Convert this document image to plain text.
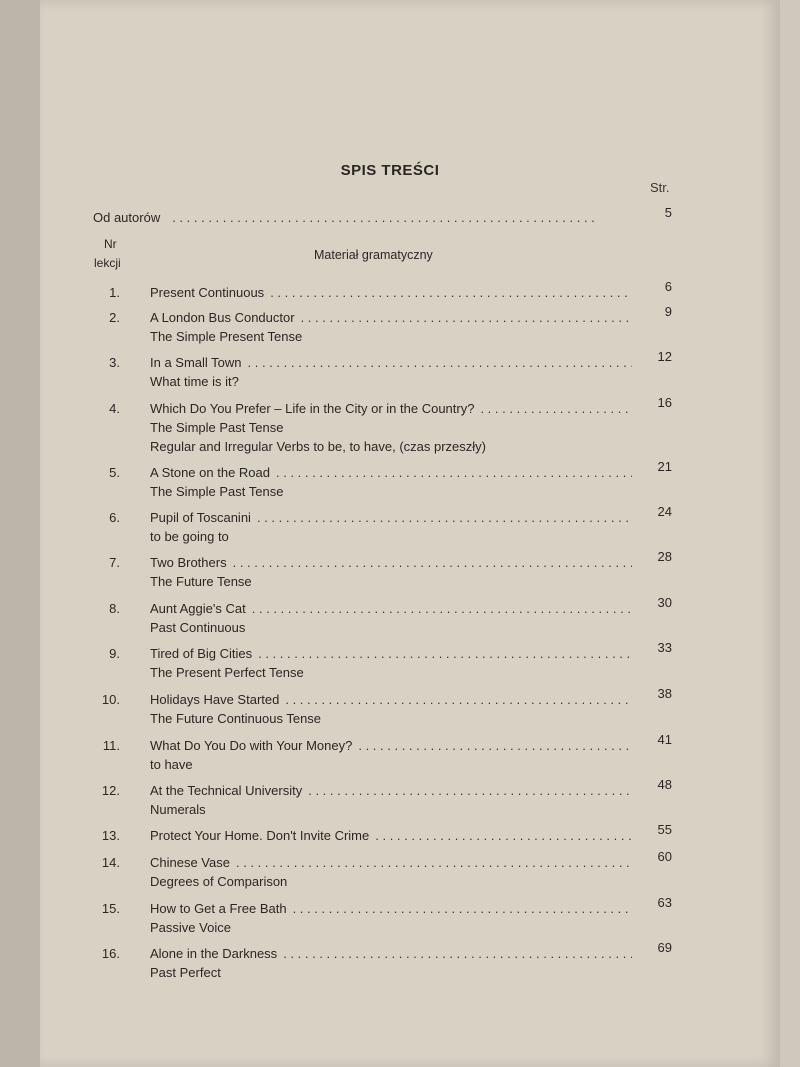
SPIS TREŚCI
Str.
Od autorów . . .	5
Nr
lekcji
Materiał gramatyczny
1. Present Continuous . . .	6
2. A London Bus Conductor . . .	9
The Simple Present Tense
3. In a Small Town . . .	12
What time is it?
4. Which Do You Prefer – Life in the City or in the Country? . . .	16
The Simple Past Tense
Regular and Irregular Verbs to be, to have, (czas przeszły)
5. A Stone on the Road . . .	21
The Simple Past Tense
6. Pupil of Toscanini . . .	24
to be going to
7. Two Brothers . . .	28
The Future Tense
8. Aunt Aggie's Cat . . .	30
Past Continuous
9. Tired of Big Cities . . .	33
The Present Perfect Tense
10. Holidays Have Started . . .	38
The Future Continuous Tense
11. What Do You Do with Your Money? . . .	41
to have
12. At the Technical University . . .	48
Numerals
13. Protect Your Home. Don't Invite Crime . . .	55
14. Chinese Vase . . .	60
Degrees of Comparison
15. How to Get a Free Bath . . .	63
Passive Voice
16. Alone in the Darkness . . .	69
Past Perfect
